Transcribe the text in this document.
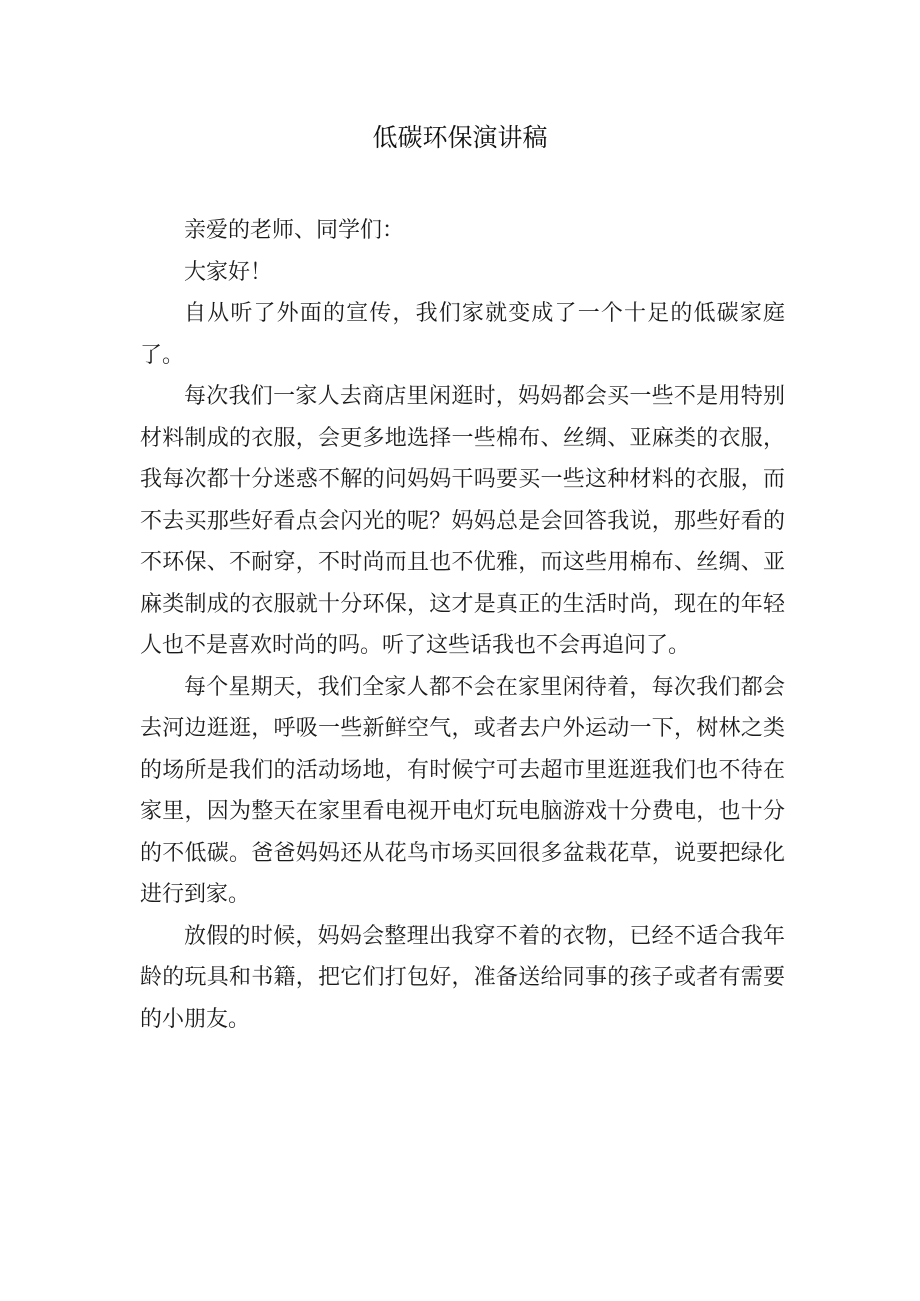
低碳环保演讲稿

亲爱的老师、同学们：

大家好！

自从听了外面的宣传，我们家就变成了一个十足的低碳家庭了。

每次我们一家人去商店里闲逛时，妈妈都会买一些不是用特别材料制成的衣服，会更多地选择一些棉布、丝绸、亚麻类的衣服，我每次都十分迷惑不解的问妈妈干吗要买一些这种材料的衣服，而不去买那些好看点会闪光的呢？妈妈总是会回答我说，那些好看的不环保、不耐穿，不时尚而且也不优雅，而这些用棉布、丝绸、亚麻类制成的衣服就十分环保，这才是真正的生活时尚，现在的年轻人也不是喜欢时尚的吗。听了这些话我也不会再追问了。

每个星期天，我们全家人都不会在家里闲待着，每次我们都会去河边逛逛，呼吸一些新鲜空气，或者去户外运动一下，树林之类的场所是我们的活动场地，有时候宁可去超市里逛逛我们也不待在家里，因为整天在家里看电视开电灯玩电脑游戏十分费电，也十分的不低碳。爸爸妈妈还从花鸟市场买回很多盆栽花草，说要把绿化进行到家。

放假的时候，妈妈会整理出我穿不着的衣物，已经不适合我年龄的玩具和书籍，把它们打包好，准备送给同事的孩子或者有需要的小朋友。
